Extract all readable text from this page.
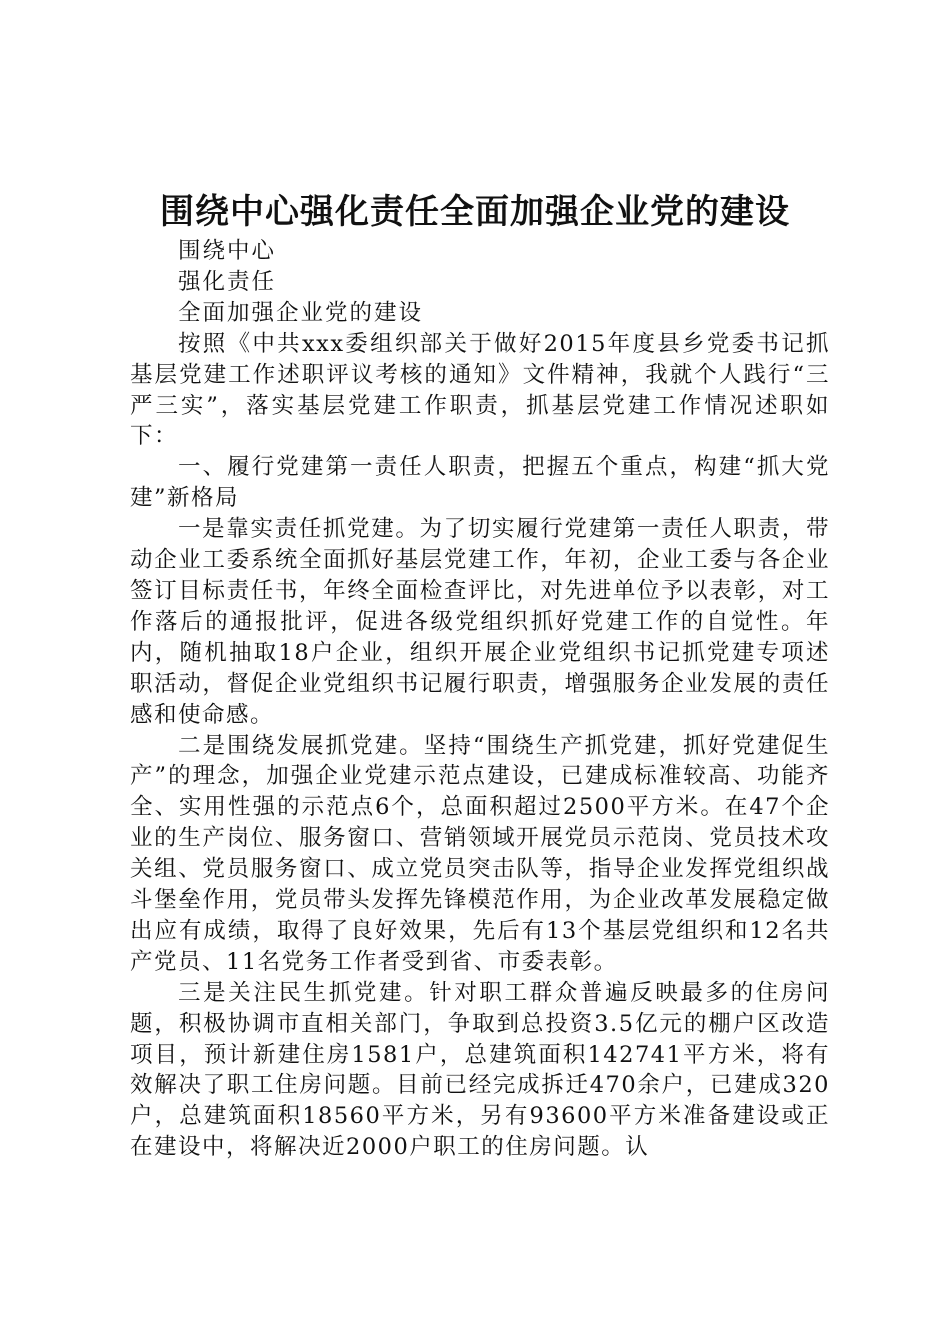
围绕中心强化责任全面加强企业党的建设

围绕中心

强化责任

全面加强企业党的建设

按照《中共xxx委组织部关于做好2015年度县乡党委书记抓基层党建工作述职评议考核的通知》文件精神，我就个人践行“三严三实”，落实基层党建工作职责，抓基层党建工作情况述职如下：

一、履行党建第一责任人职责，把握五个重点，构建“抓大党建”新格局

一是靠实责任抓党建。为了切实履行党建第一责任人职责，带动企业工委系统全面抓好基层党建工作，年初，企业工委与各企业签订目标责任书，年终全面检查评比，对先进单位予以表彰，对工作落后的通报批评，促进各级党组织抓好党建工作的自觉性。年内，随机抽取18户企业，组织开展企业党组织书记抓党建专项述职活动，督促企业党组织书记履行职责，增强服务企业发展的责任感和使命感。

二是围绕发展抓党建。坚持“围绕生产抓党建，抓好党建促生产”的理念，加强企业党建示范点建设，已建成标准较高、功能齐全、实用性强的示范点6个，总面积超过2500平方米。在47个企业的生产岗位、服务窗口、营销领域开展党员示范岗、党员技术攻关组、党员服务窗口、成立党员突击队等，指导企业发挥党组织战斗堡垒作用，党员带头发挥先锋模范作用，为企业改革发展稳定做出应有成绩，取得了良好效果，先后有13个基层党组织和12名共产党员、11名党务工作者受到省、市委表彰。

三是关注民生抓党建。针对职工群众普遍反映最多的住房问题，积极协调市直相关部门，争取到总投资3.5亿元的棚户区改造项目，预计新建住房1581户，总建筑面积142741平方米，将有效解决了职工住房问题。目前已经完成拆迁470余户，已建成320户，总建筑面积18560平方米，另有93600平方米准备建设或正在建设中，将解决近2000户职工的住房问题。认
